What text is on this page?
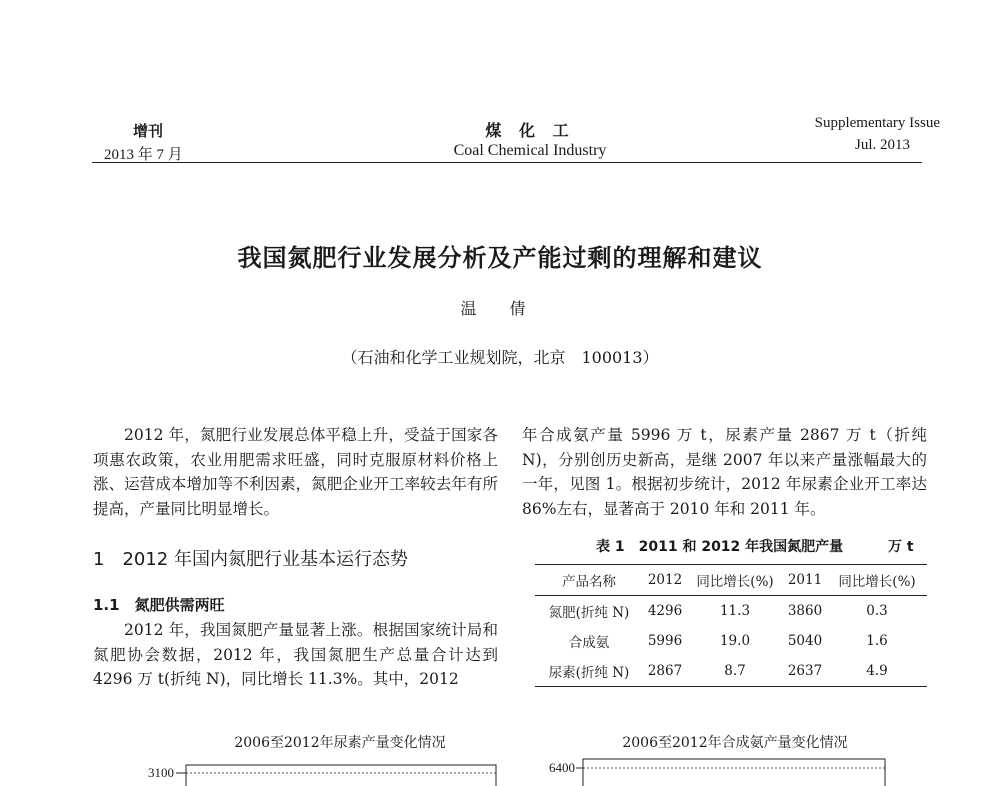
增刊
2013 年 7 月
煤 化 工
Coal Chemical Industry
Supplementary Issue
Jul. 2013
我国氮肥行业发展分析及产能过剩的理解和建议
温 倩
（石油和化学工业规划院，北京　100013）
2012 年，氮肥行业发展总体平稳上升，受益于国家各项惠农政策，农业用肥需求旺盛，同时克服原材料价格上涨、运营成本增加等不利因素，氮肥企业开工率较去年有所提高，产量同比明显增长。
1　2012 年国内氮肥行业基本运行态势
1.1　氮肥供需两旺
2012 年，我国氮肥产量显著上涨。根据国家统计局和氮肥协会数据，2012 年，我国氮肥生产总量合计达到 4296 万 t(折纯 N)，同比增长 11.3%。其中，2012
年合成氨产量 5996 万 t，尿素产量 2867 万 t（折纯 N)，分别创历史新高，是继 2007 年以来产量涨幅最大的一年，见图 1。根据初步统计，2012 年尿素企业开工率达 86%左右，显著高于 2010 年和 2011 年。
表 1　2011 和 2012 年我国氮肥产量	万 t
产品名称	2012	同比增长(%)	2011	同比增长(%)
氮肥(折纯 N)	4296	11.3	3860	0.3
合成氨	5996	19.0	5040	1.6
尿素(折纯 N)	2867	8.7	2637	4.9
2006至2012年尿素产量变化情况
3100
2006至2012年合成氨产量变化情况
6400
